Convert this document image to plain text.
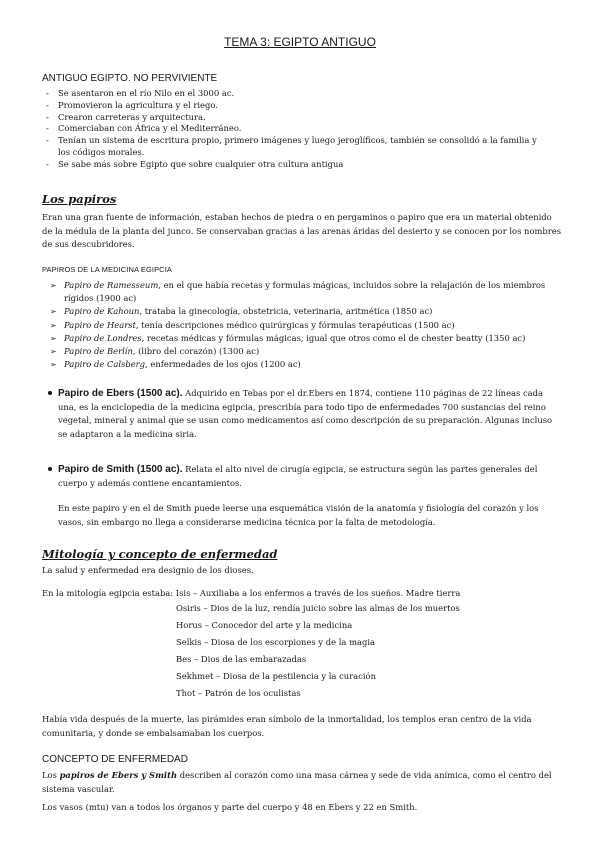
TEMA 3: EGIPTO ANTIGUO
ANTIGUO EGIPTO. NO PERVIVIENTE
- Se asentaron en el río Nilo en el 3000 ac.
- Promovieron la agricultura y el riego.
- Crearon carreteras y arquitectura.
- Comerciaban con África y el Mediterráneo.
- Tenían un sistema de escritura propio, primero imágenes y luego jeroglíficos, también se consolidó a la familia y los códigos morales.
- Se sabe más sobre Egipto que sobre cualquier otra cultura antigua
Los papiros
Eran una gran fuente de información, estaban hechos de piedra o en pergaminos o papiro que era un material obtenido de la médula de la planta del junco. Se conservaban gracias a las arenas áridas del desierto y se conocen por los nombres de sus descubridores.
PAPIROS DE LA MEDICINA EGIPCIA
➢ Papiro de Ramesseum, en el que había recetas y formulas mágicas, incluidos sobre la relajación de los miembros rígidos (1900 ac)
➢ Papiro de Kahoun, trataba la ginecología, obstetricia, veterinaria, aritmética (1850 ac)
➢ Papiro de Hearst, tenía descripciones médico quirúrgicas y fórmulas terapéuticas (1500 ac)
➢ Papiro de Londres, recetas médicas y fórmulas mágicas, igual que otros como el de chester beatty (1350 ac)
➢ Papiro de Berlín, (libro del corazón) (1300 ac)
➢ Papiro de Calsberg, enfermedades de los ojos (1200 ac)
Papiro de Ebers (1500 ac). Adquirido en Tebas por el dr.Ebers en 1874, contiene 110 páginas de 22 líneas cada una, es la enciclopedia de la medicina egipcia, prescribía para todo tipo de enfermedades 700 sustancias del reino vegetal, mineral y animal que se usan como medicamentos así como descripción de su preparación. Algunas incluso se adaptaron a la medicina siria.
Papiro de Smith (1500 ac). Relata el alto nivel de cirugía egipcia, se estructura según las partes generales del cuerpo y además contiene encantamientos.
En este papiro y en el de Smith puede leerse una esquemática visión de la anatomía y fisiología del corazón y los vasos, sin embargo no llega a considerarse medicina técnica por la falta de metodología.
Mitología y concepto de enfermedad
La salud y enfermedad era designio de los dioses.
En la mitología egipcia estaba: Isis – Auxiliaba a los enfermos a través de los sueños. Madre tierra
Osiris – Dios de la luz, rendía juicio sobre las almas de los muertos
Horus – Conocedor del arte y la medicina
Selkis – Diosa de los escorpiones y de la magia
Bes – Dios de las embarazadas
Sekhmet – Diosa de la pestilencia y la curación
Thot – Patrón de los oculistas
Había vida después de la muerte, las pirámides eran símbolo de la inmortalidad, los templos eran centro de la vida comunitaria, y donde se embalsamaban los cuerpos.
CONCEPTO DE ENFERMEDAD
Los papiros de Ebers y Smith describen al corazón como una masa cárnea y sede de vida anímica, como el centro del sistema vascular.
Los vasos (mtu) van a todos los órganos y parte del cuerpo y 48 en Ebers y 22 en Smith.
